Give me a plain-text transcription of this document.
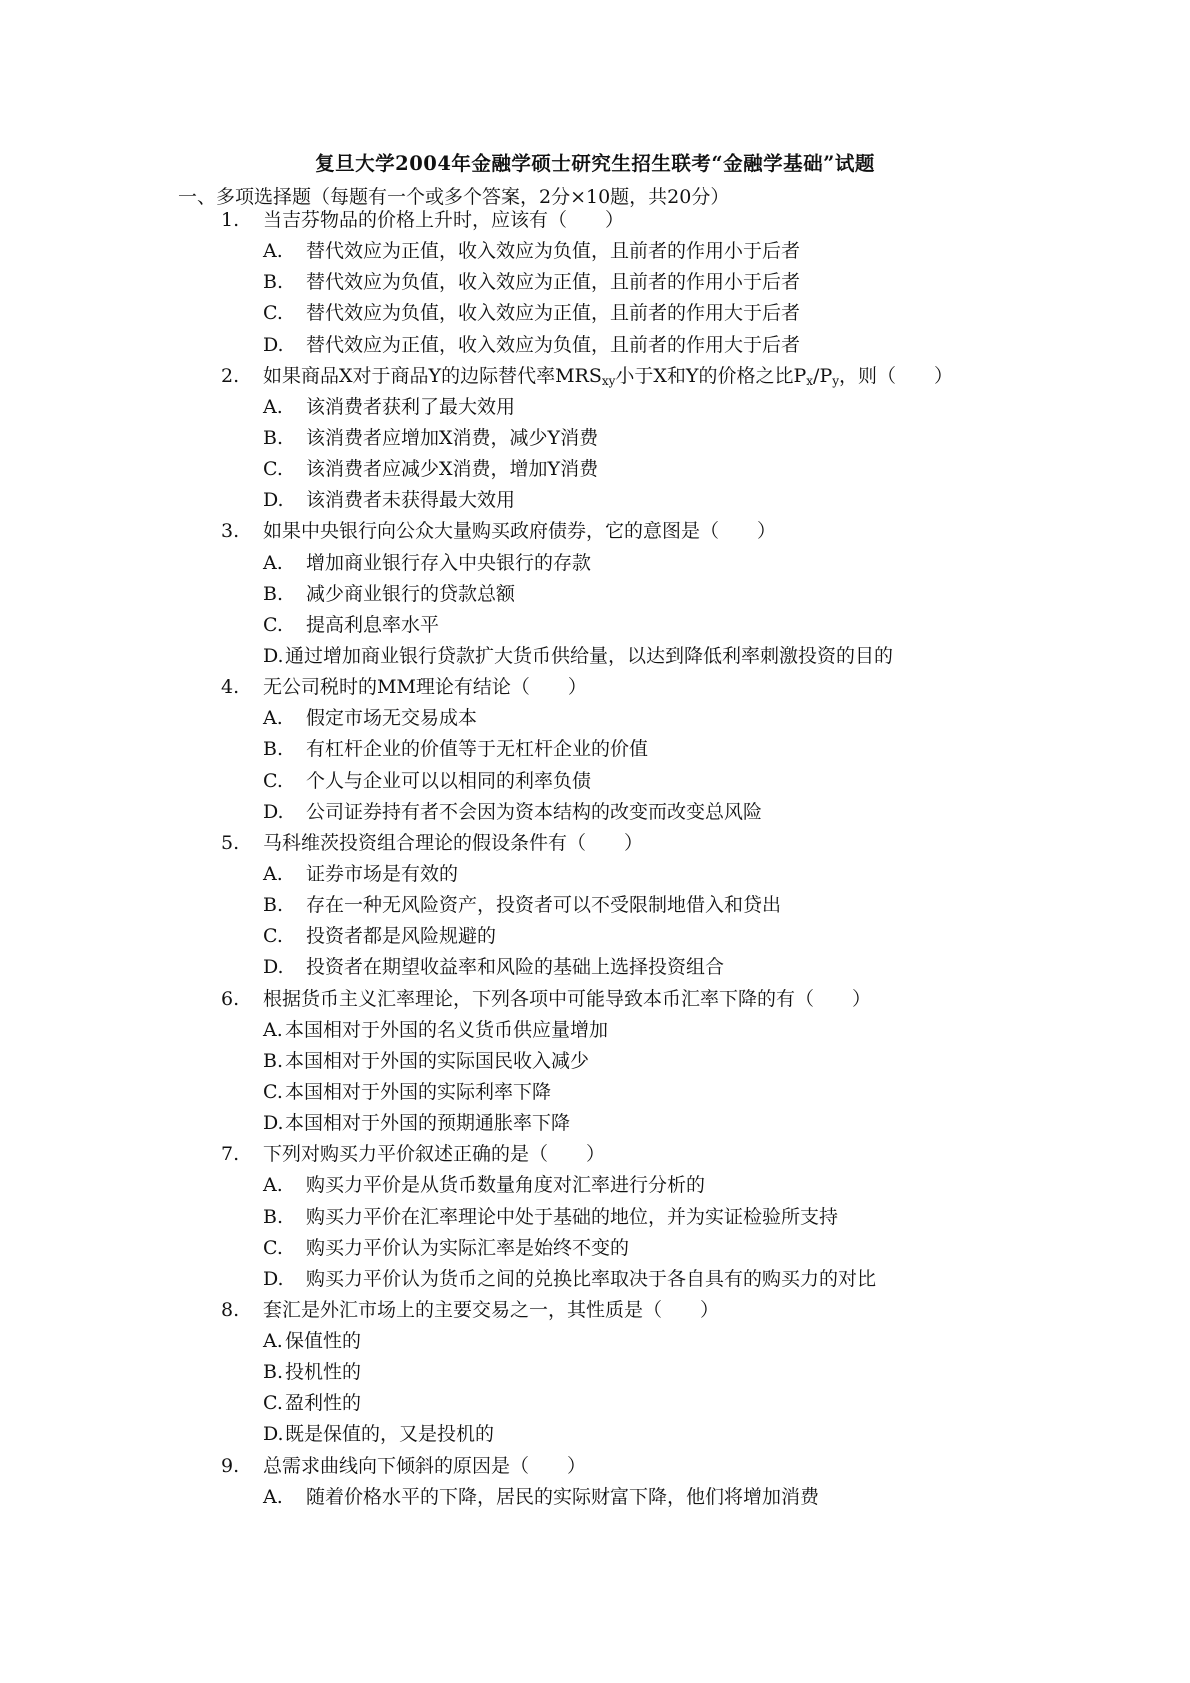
复旦大学2004年金融学硕士研究生招生联考“金融学基础”试题
一、多项选择题（每题有一个或多个答案，2分×10题，共20分）
1. 当吉芬物品的价格上升时，应该有（　　）
A. 替代效应为正值，收入效应为负值，且前者的作用小于后者
B. 替代效应为负值，收入效应为正值，且前者的作用小于后者
C. 替代效应为负值，收入效应为正值，且前者的作用大于后者
D. 替代效应为正值，收入效应为负值，且前者的作用大于后者
2. 如果商品X对于商品Y的边际替代率$MRS_{xy}$小于X和Y的价格之比$P_x/P_y$，则（　　）
A. 该消费者获利了最大效用
B. 该消费者应增加X消费，减少Y消费
C. 该消费者应减少X消费，增加Y消费
D. 该消费者未获得最大效用
3. 如果中央银行向公众大量购买政府债券，它的意图是（　　）
A. 增加商业银行存入中央银行的存款
B. 减少商业银行的贷款总额
C. 提高利息率水平
D. 通过增加商业银行贷款扩大货币供给量，以达到降低利率刺激投资的目的
4. 无公司税时的MM理论有结论（　　）
A. 假定市场无交易成本
B. 有杠杆企业的价值等于无杠杆企业的价值
C. 个人与企业可以以相同的利率负债
D. 公司证券持有者不会因为资本结构的改变而改变总风险
5. 马科维茨投资组合理论的假设条件有（　　）
A. 证券市场是有效的
B. 存在一种无风险资产，投资者可以不受限制地借入和贷出
C. 投资者都是风险规避的
D. 投资者在期望收益率和风险的基础上选择投资组合
6. 根据货币主义汇率理论，下列各项中可能导致本币汇率下降的有（　　）
A. 本国相对于外国的名义货币供应量增加
B. 本国相对于外国的实际国民收入减少
C. 本国相对于外国的实际利率下降
D. 本国相对于外国的预期通胀率下降
7. 下列对购买力平价叙述正确的是（　　）
A. 购买力平价是从货币数量角度对汇率进行分析的
B. 购买力平价在汇率理论中处于基础的地位，并为实证检验所支持
C. 购买力平价认为实际汇率是始终不变的
D. 购买力平价认为货币之间的兑换比率取决于各自具有的购买力的对比
8. 套汇是外汇市场上的主要交易之一，其性质是（　　）
A. 保值性的
B. 投机性的
C. 盈利性的
D. 既是保值的，又是投机的
9. 总需求曲线向下倾斜的原因是（　　）
A. 随着价格水平的下降，居民的实际财富下降，他们将增加消费
